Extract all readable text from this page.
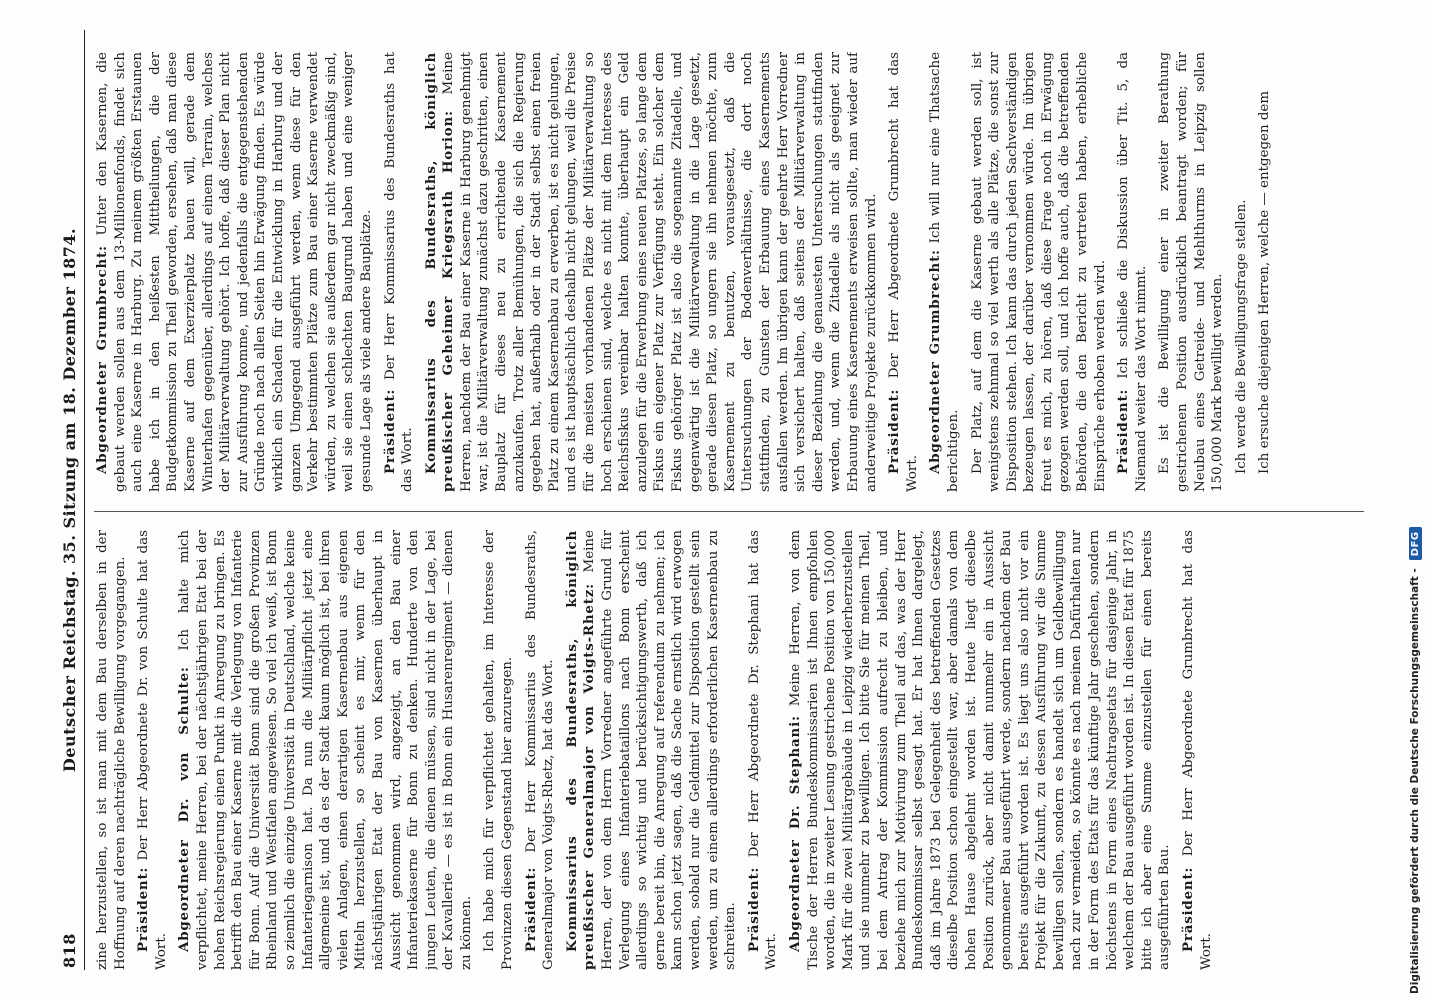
818
Deutscher Reichstag. 35. Sitzung am 18. Dezember 1874. zine herzustellen, so ist man mit dem Bau derselben in der Hoffnung auf deren nachträgliche Bewilligung vorgegangen. Präsident: Der Herr Abgeordnete Dr. von Schulte hat das Wort. Abgeordneter Dr. von Schulte: Ich halte mich verpflichtet, meine Herren, bei der nächstjährigen Etat bei der hohen Reichsregierung einen Punkt in Anregung zu bringen. Es betrifft den Bau einer Kaserne mit die Verlegung von Infanterie für Bonn. Auf die Universität Bonn sind die großen Provinzen Rheinland und Westfalen angewiesen. So viel ich weiß, ist Bonn so ziemlich die einzige Universität in Deutschland, welche keine Infanteriegarnison hat. Da nun die Militärpflicht jetzt eine allgemeine ist, und da es der Stadt kaum möglich ist, bei ihren vielen Anlagen, einen derartigen Kasernenbau aus eigenen Mitteln herzustellen, so scheint es mir, wenn für den nächstjährigen Etat der Bau von Kasernen überhaupt in Aussicht genommen wird, angezeigt, an den Bau einer Infanteriekaserne für Bonn zu denken. Hunderte von den jungen Leuten, die dienen müssen, sind nicht in der Lage, bei der Kavallerie — es ist in Bonn ein Husarenregiment — dienen zu können. Ich habe mich für verpflichtet gehalten, im Interesse der Provinzen diesen Gegenstand hier anzuregen. Präsident: Der Herr Kommissarius des Bundesraths, Generalmajor von Voigts-Rhetz, hat das Wort. Kommissarius des Bundesraths, königlich preußischer Generalmajor von Voigts-Rhetz: Meine Herren, der von dem Herrn Vorredner angeführte Grund für Verlegung eines Infanteriebataillons nach Bonn erscheint allerdings so wichtig und berücksichtigungswerth, daß ich gerne bereit bin, die Anregung auf referendum zu nehmen; ich kann schon jetzt sagen, daß die Sache ernstlich wird erwogen werden, sobald nur die Geldmittel zur Disposition gestellt sein werden, um zu einem allerdings erforderlichen Kasernenbau zu schreiten. Präsident: Der Herr Abgeordnete Dr. Stephani hat das Wort. Abgeordneter Dr. Stephani: Meine Herren, von dem Tische der Herren Bundeskommissarien ist Ihnen empfohlen worden, die in zweiter Lesung gestrichene Position von 150,000 Mark für die zwei Militärgebäude in Leipzig wiederherzustellen und sie nunmehr zu bewilligen. Ich bitte Sie für meinen Theil, bei dem Antrag der Kommission aufrecht zu bleiben, und beziehe mich zur Motivirung zum Theil auf das, was der Herr Bundeskommissar selbst gesagt hat. Er hat Ihnen dargelegt, daß im Jahre 1873 bei Gelegenheit des betreffenden Gesetzes dieselbe Position schon eingestellt war, aber damals von dem hohen Hause abgelehnt worden ist. Heute liegt dieselbe Position zurück, aber nicht damit nunmehr ein in Aussicht genommener Bau ausgeführt werde, sondern nachdem der Bau bereits ausgeführt worden ist. Es liegt uns also nicht vor ein Projekt für die Zukunft, zu dessen Ausführung wir die Summe bewilligen sollen, sondern es handelt sich um Geldbewilligung nach zur vermeiden, so könnte es nach meinen Dafürhalten nur in der Form des Etats für das künftige Jahr geschehen, sondern höchstens in Form eines Nachtragsetats für dasjenige Jahr, in welchem der Bau ausgeführt worden ist. In diesen Etat für 1875 bitte ich aber eine Summe einzustellen für einen bereits ausgeführten Bau. Präsident: Der Herr Abgeordnete Grumbrecht hat das Wort.

Abgeordneter Grumbrecht: Unter den Kasernen, die gebaut werden sollen aus dem 13-Millionenfonds, findet sich auch eine Kaserne in Harburg. Zu meinem größten Erstaunen habe ich in den heißesten Mittheilungen, die der Budgetkommission zu Theil geworden, ersehen, daß man diese Kaserne auf dem Exerzierplatz bauen will, gerade dem Winterhafen gegenüber, allerdings auf einem Terrain, welches der Militärverwaltung gehört. Ich hoffe, daß dieser Plan nicht zur Ausführung komme, und jedenfalls die entgegenstehenden Gründe noch nach allen Seiten hin Erwägung finden. Es würde wirklich ein Schaden für die Entwicklung in Harburg und der ganzen Umgegend ausgeführt werden, wenn diese für den Verkehr bestimmten Plätze zum Bau einer Kaserne verwendet würden, zu welchen sie außerdem gar nicht zweckmäßig sind, weil sie einen schlechten Baugrund haben und eine weniger gesunde Lage als viele andere Bauplätze. Präsident: Der Herr Kommissarius des Bundesraths hat das Wort. Kommissarius des Bundesraths, königlich preußischer Geheimer Kriegsrath Horion: Meine Herren, nachdem der Bau einer Kaserne in Harburg genehmigt war, ist die Militärverwaltung zunächst dazu geschritten, einen Bauplatz für dieses neu zu errichtende Kasernement anzukaufen. Trotz aller Bemühungen, die sich die Regierung gegeben hat, außerhalb oder in der Stadt selbst einen freien Platz zu einem Kasernenbau zu erwerben, ist es nicht gelungen, und es ist hauptsächlich deshalb nicht gelungen, weil die Preise für die meisten vorhandenen Plätze der Militärverwaltung so hoch erschienen sind, welche es nicht mit dem Interesse des Reichsfiskus vereinbar halten konnte, überhaupt ein Geld anzulegen für die Erwerbung eines neuen Platzes, so lange dem Fiskus ein eigener Platz zur Verfügung steht. Ein solcher dem Fiskus gehöriger Platz ist also die sogenannte Zitadelle, und gegenwärtig ist die Militärverwaltung in die Lage gesetzt, gerade diesen Platz, so ungern sie ihn nehmen möchte, zum Kasernement zu benutzen, vorausgesetzt, daß die Untersuchungen der Bodenverhältnisse, die dort noch stattfinden, zu Gunsten der Erbauung eines Kasernements ausfallen werden. Im übrigen kann der geehrte Herr Vorredner sich versichert halten, daß seitens der Militärverwaltung in dieser Beziehung die genauesten Untersuchungen stattfinden werden, und, wenn die Zitadelle als nicht als geeignet zur Erbauung eines Kasernements erweisen sollte, man wieder auf anderweitige Projekte zurückkommen wird. Präsident: Der Herr Abgeordnete Grumbrecht hat das Wort. Abgeordneter Grumbrecht: Ich will nur eine Thatsache berichtigen. Der Platz, auf dem die Kaserne gebaut werden soll, ist wenigstens zehnmal so viel werth als alle Plätze, die sonst zur Disposition stehen. Ich kann das durch jeden Sachverständigen bezeugen lassen, der darüber vernommen würde. Im übrigen freut es mich, zu hören, daß diese Frage noch in Erwägung gezogen werden soll, und ich hoffe auch, daß die betreffenden Behörden, die den Bericht zu vertreten haben, erhebliche Einsprüche erhoben werden wird. Präsident: Ich schließe die Diskussion über Tit. 5, da Niemand weiter das Wort nimmt. Es ist die Bewilligung einer in zweiter Berathung gestrichenen Position ausdrücklich beantragt worden; für Neubau eines Getreide- und Mehlthurms in Leipzig sollen 150,000 Mark bewilligt werden. Ich werde die Bewilligungsfrage stellen. Ich ersuche diejenigen Herren, welche — entgegen dem

Digitalisierung gefördert durch die Deutsche Forschungsgemeinschaft -
DFG
